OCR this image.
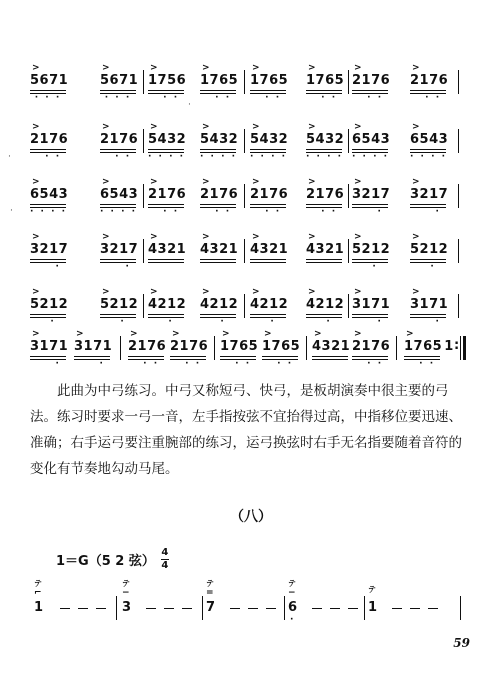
>
5671
· · ·
>
5671
· · ·
>
1756
· ·
>
1765
· ·
>
1765
· ·
>
1765
· ·
>
2176
· ·
>
2176
· ·
>
2176
· ·
>
2176
· ·
>
5432
· · · ·
>
5432
· · · ·
>
5432
· · · ·
>
5432
· · · ·
>
6543
· · · ·
>
6543
· · · ·
>
6543
· · · ·
>
6543
· · · ·
>
2176
· ·
>
2176
· ·
>
2176
· ·
>
2176
· ·
>
3217
·
>
3217
·
>
3217
·
>
3217
·
>
4321
>
4321
>
4321
>
4321
>
5212
·
>
5212
·
>
5212
·
>
5212
·
>
4212
·
>
4212
·
>
4212
·
>
4212
·
>
3171
·
>
3171
·
>
3171
·
>
3171
·
>
2176
· ·
>
2176
· ·
>
1765
· ·
>
1765
· ·
>
4321
>
2176
· ·
>
1765
· ·
1 :

此曲为中弓练习。中弓又称短弓、快弓，是板胡演奏中很主要的弓法。练习时要求一弓一音，左手指按弦不宜抬得过高，中指移位要迅速、准确；右手运弓要注重腕部的练习，运弓换弦时右手无名指要随着音符的变化有节奏地勾动马尾。

（八）
1＝G（5 2 弦）
4
4
テ
⌐
1
テ
−
3
テ
=
7
テ
−
6
·
テ
1
59
·
·
·
